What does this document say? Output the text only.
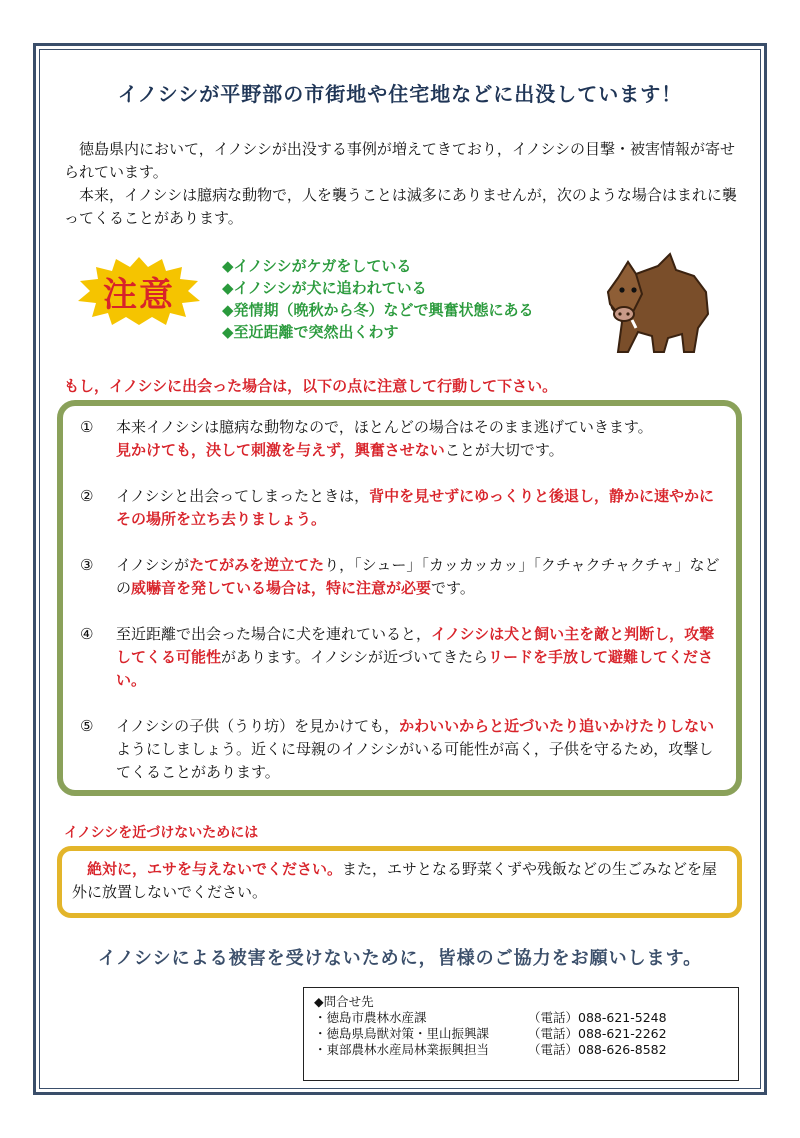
イノシシが平野部の市街地や住宅地などに出没しています！

徳島県内において，イノシシが出没する事例が増えてきており，イノシシの目撃・被害情報が寄せられています。

本来，イノシシは臆病な動物で，人を襲うことは滅多にありませんが，次のような場合はまれに襲ってくることがあります。

注意
◆イノシシがケガをしている
◆イノシシが犬に追われている
◆発情期（晩秋から冬）などで興奮状態にある
◆至近距離で突然出くわす
もし，イノシシに出会った場合は，以下の点に注意して行動して下さい。
①	本来イノシシは臆病な動物なので，ほとんどの場合はそのまま逃げていきます。
見かけても，決して刺激を与えず，興奮させないことが大切です。
②	イノシシと出会ってしまったときは，背中を見せずにゆっくりと後退し，静かに速やかにその場所を立ち去りましょう。
③	イノシシがたてがみを逆立てたり，「シュー」「カッカッカッ」「クチャクチャクチャ」などの威嚇音を発している場合は，特に注意が必要です。
④	至近距離で出会った場合に犬を連れていると，イノシシは犬と飼い主を敵と判断し，攻撃してくる可能性があります。イノシシが近づいてきたらリードを手放して避難してください。
⑤	イノシシの子供（うり坊）を見かけても，かわいいからと近づいたり追いかけたりしないようにしましょう。近くに母親のイノシシがいる可能性が高く，子供を守るため，攻撃してくることがあります。
イノシシを近づけないためには

絶対に，エサを与えないでください。また，エサとなる野菜くずや残飯などの生ごみなどを屋外に放置しないでください。

イノシシによる被害を受けないために，皆様のご協力をお願いします。
◆問合せ先
・徳島市農林水産課	（電話）088-621-5248
・徳島県鳥獣対策・里山振興課	（電話）088-621-2262
・東部農林水産局林業振興担当	（電話）088-626-8582
